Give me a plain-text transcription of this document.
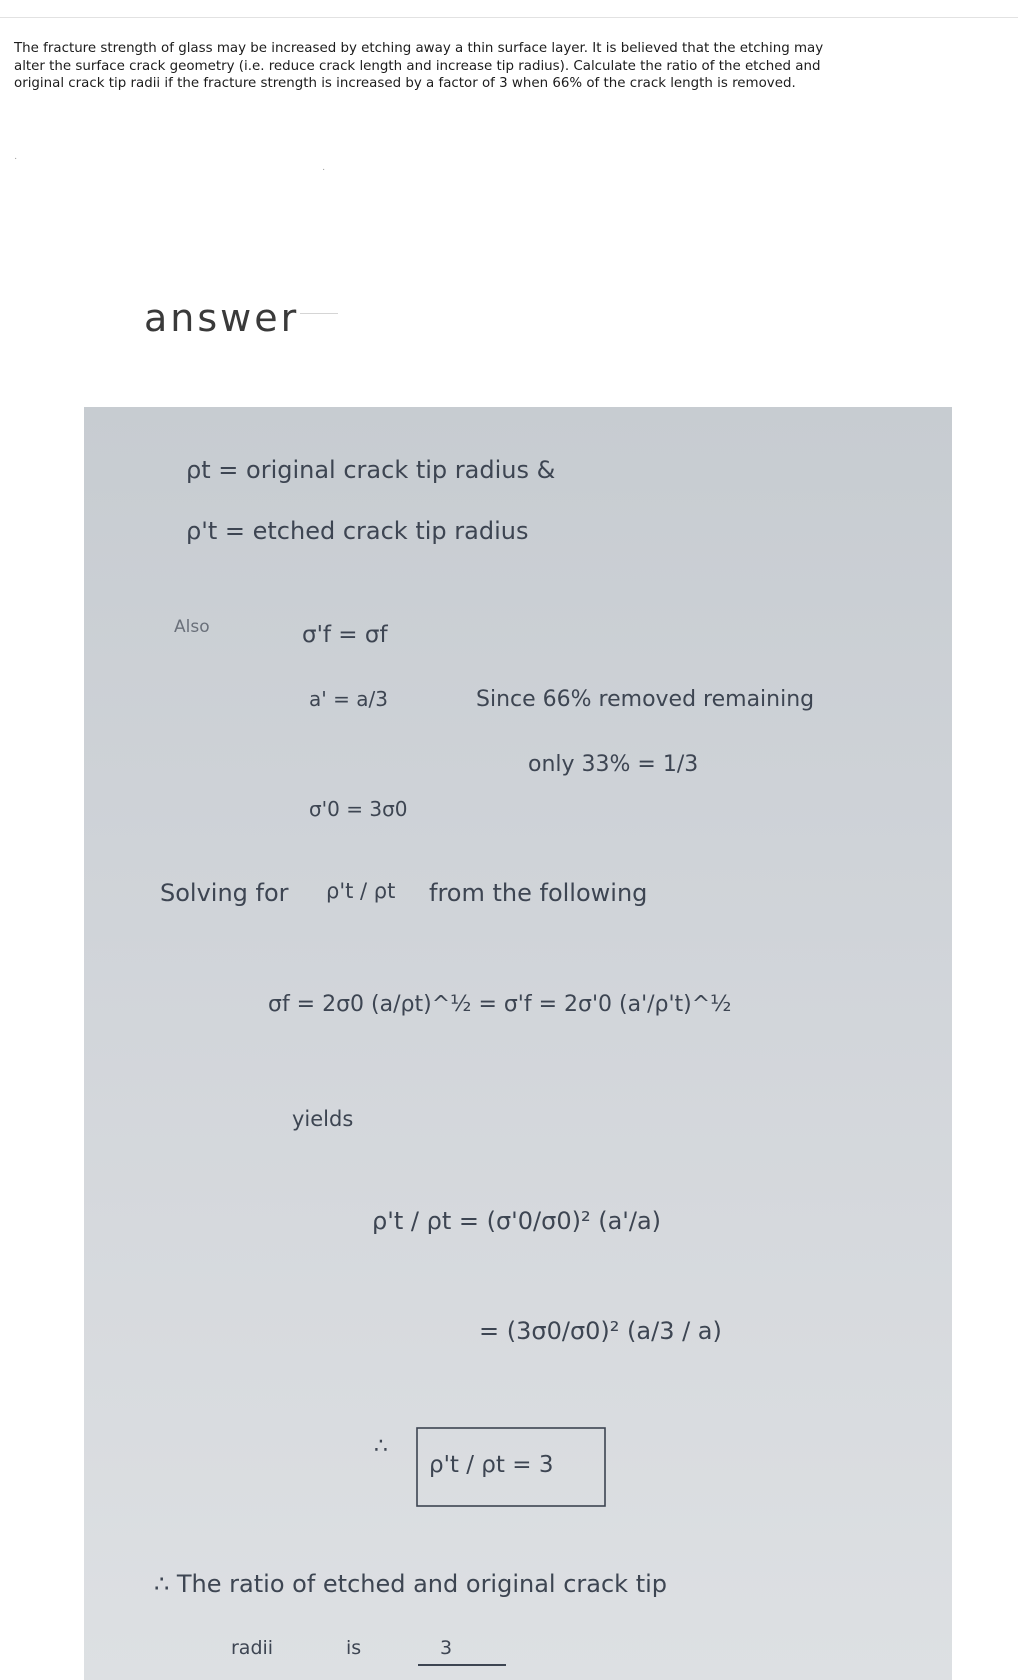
The fracture strength of glass may be increased by etching away a thin surface layer. It is believed that the etching may
alter the surface crack geometry (i.e. reduce crack length and increase tip radius). Calculate the ratio of the etched and
original crack tip radii if the fracture strength is increased by a factor of 3 when 66% of the crack length is removed.
·
·
answer
ρt = original crack tip radius &
ρ't = etched crack tip radius
Also	σ'f = σf
a' = a/3	Since 66% removed remaining
only 33% = 1/3
σ'0 = 3σ0
Solving for ρ't / ρt from the following
σf = 2σ0 (a/ρt)^½ = σ'f = 2σ'0 (a'/ρ't)^½
yields
ρ't / ρt = (σ'0/σ0)² (a'/a)
= (3σ0/σ0)² (a/3 / a)
∴
ρ't / ρt = 3
∴ The ratio of etched and original crack tip
radii	is	3
